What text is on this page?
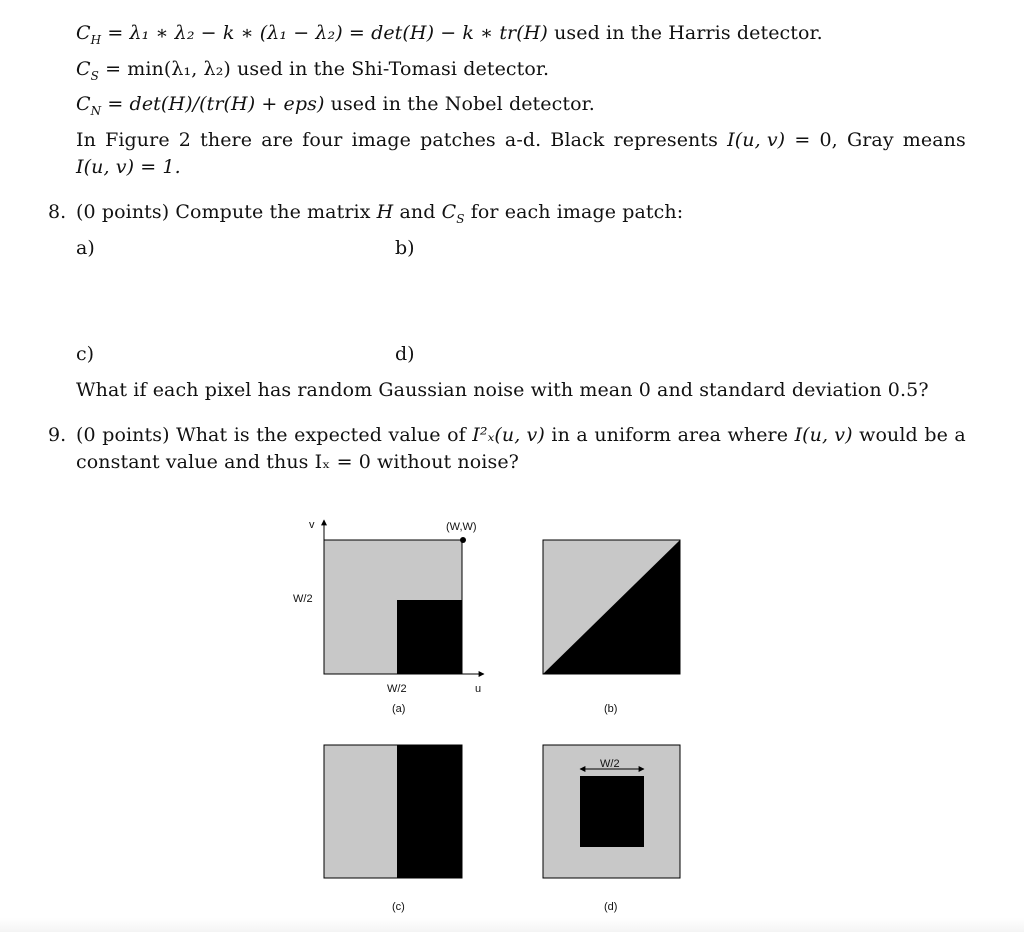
$C_H = \lambda_1$ ∗ λ₂ − k ∗ (λ₁ − λ₂) = det(H) − k ∗ tr(H) used in the Harris detector.
$C_S = \min(\lambda_1$, λ₂) used in the Shi-Tomasi detector.
$C_N = \det(H)/(tr(H) + eps)$ used in the Nobel detector.
In Figure 2 there are four image patches a-d. Black represents I(u, v) = 0, Gray means
I(u, v) = 1.
8. (0 points) Compute the matrix H and $C_S$ for each image patch:
a)	b)
c)	d)
What if each pixel has random Gaussian noise with mean 0 and standard deviation 0.5?
9. (0 points) What is the expected value of I²ₓ(u, v) in a uniform area where I(u, v) would be a
constant value and thus Iₓ = 0 without noise?
v
u
(W,W)
W/2
W/2
(a)	(b)
(c)
W/2
(d)
